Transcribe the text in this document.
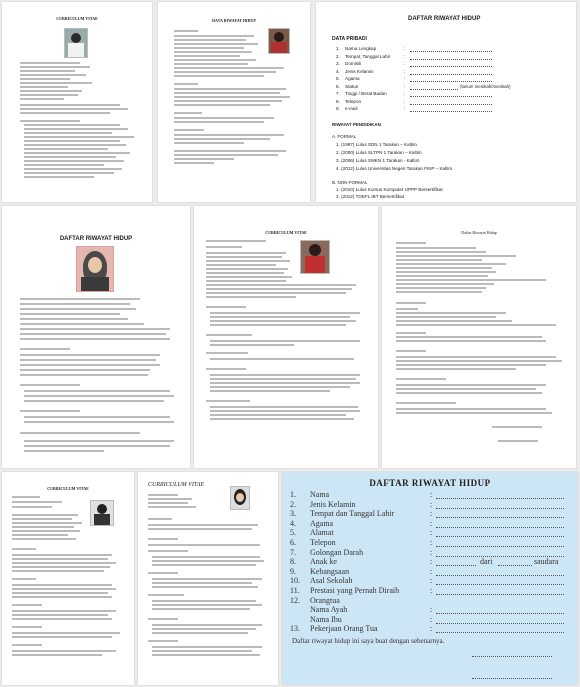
CURRICULUM VITAE	DATA RIWAYAT HIDUP	DAFTAR RIWAYAT HIDUP
DATA PRIBADI
1. Nama Lengkap	:
2. Tempat, Tanggal Lahir	:
3. Domisili	:
4. Jenis Kelamin	:
5. Agama	:
6. Status	:	(belum menikah/menikah)
7. Tinggi / Berat Badan	:
8. Telepon	:
9. e-mail	:
RIWAYAT PENDIDIKAN
A. FORMAL
1. (1997) Lulus SDN 1 Tarakan – Kaltim
2. (2000) Lulus SLTPN 1 Tarakan – Kaltim
3. (2006) Lulus SMKN 1 Tarakan - Kaltim
4. (2012) Lulus Universitas Negeri Tarakan FKIP – Kaltim
B. NON FORMAL
1. (2010) Lulus Kursus Komputer UPPP Bersertifikat
2. (2012) TOEFL IBT Bersertifikat
DAFTAR RIWAYAT HIDUP
CURRICULUM VITAE	Daftar Riwayat Hidup
CURRICULUM VITAE
CURRICULUM VITAE	DAFTAR RIWAYAT HIDUP
1. Nama	:
2. Jenis Kelamin	:
3. Tempat dan Tanggal Lahir	:
4. Agama	:
5. Alamat	:
6. Telepon	:
7. Golongan Darah	:
8. Anak ke	:	dari	saudara
9. Kebangsaan	:
10. Asal Sekolah	:
11. Prestasi yang Pernah Diraih	:
12. Orangtua
Nama Ayah	:
Nama Ibu	:
13. Pekerjaan Orang Tua	:
Daftar riwayat hidup ini saya buat dengan sebenarnya.
